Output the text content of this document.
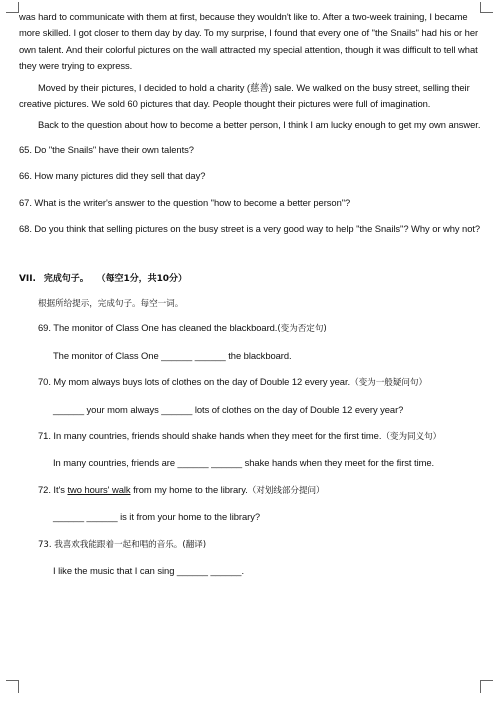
was hard to communicate with them at first, because they wouldn't like to. After a two-week training, I became more skilled. I got closer to them day by day. To my surprise, I found that every one of "the Snails" had his or her own talent. And their colorful pictures on the wall attracted my special attention, though it was difficult to tell what they were trying to express.

Moved by their pictures, I decided to hold a charity (慈善) sale. We walked on the busy street, selling their creative pictures. We sold 60 pictures that day. People thought their pictures were full of imagination.

Back to the question about how to become a better person, I think I am lucky enough to get my own answer.

65. Do "the Snails" have their own talents?

66. How many pictures did they sell that day?

67. What is the writer's answer to the question "how to become a better person"?

68. Do you think that selling pictures on the busy street is a very good way to help "the Snails"? Why or why not?

VII. 完成句子。 （每空1分，共10分）

根据所给提示，完成句子。每空一词。

69. The monitor of Class One has cleaned the blackboard.(变为否定句)

The monitor of Class One ______ ______ the blackboard.

70. My mom always buys lots of clothes on the day of Double 12 every year.（变为一般疑问句）

______ your mom always ______ lots of clothes on the day of Double 12 every year?

71. In many countries, friends should shake hands when they meet for the first time.（变为同义句）

In many countries, friends are ______ ______ shake hands when they meet for the first time.

72. It's two hours' walk from my home to the library.（对划线部分提问）

______ ______ is it from your home to the library?

73. 我喜欢我能跟着一起和唱的音乐。(翻译)

I like the music that I can sing ______ ______.
